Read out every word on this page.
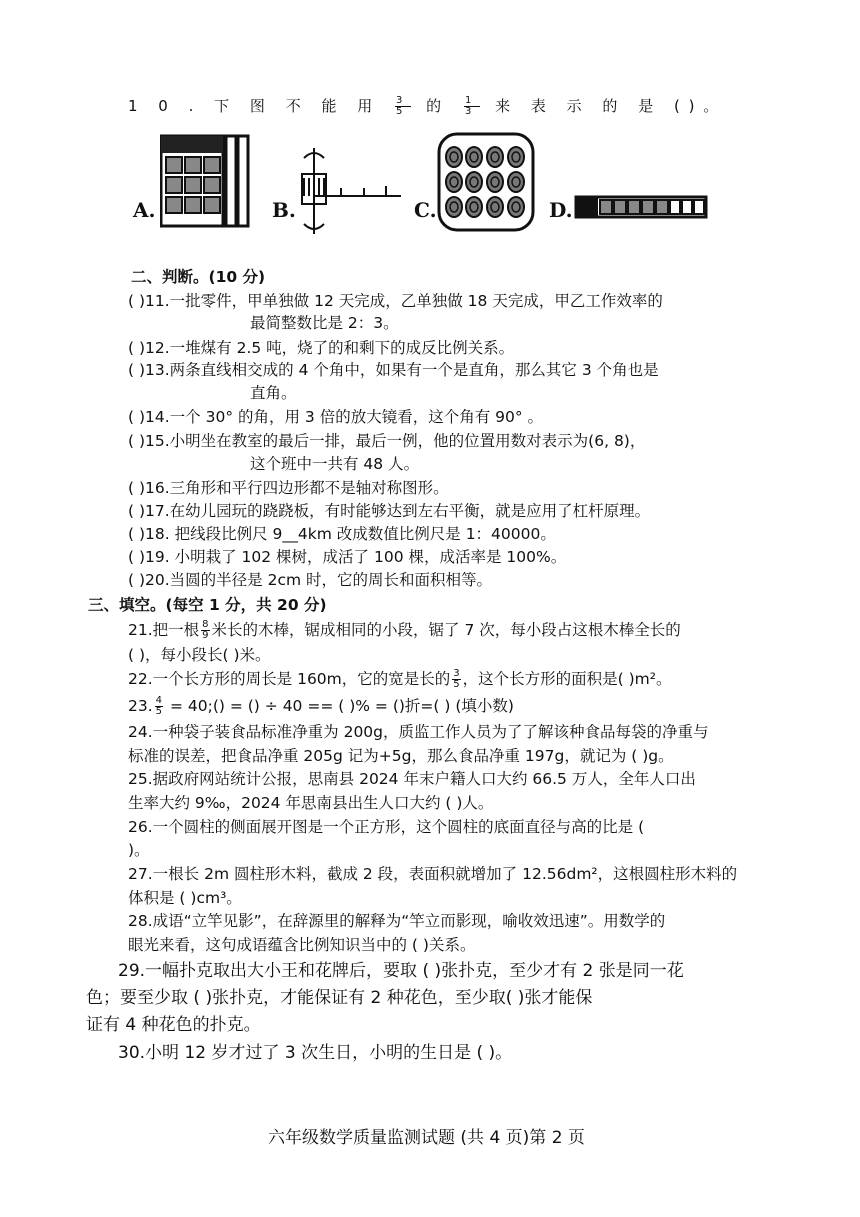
1 0 . 下 图 不 能 用 $\frac{3}{5}$ 的 $\frac{1}{3}$ 来 表 示 的 是 ( ) 。
A.	B.	C.	D.
二、判断。(10 分)
( )11.一批零件，甲单独做 12 天完成，乙单独做 18 天完成，甲乙工作效率的
最简整数比是 2：3。
( )12.一堆煤有 2.5 吨，烧了的和剩下的成反比例关系。
( )13.两条直线相交成的 4 个角中，如果有一个是直角，那么其它 3 个角也是
直角。
( )14.一个 30° 的角，用 3 倍的放大镜看，这个角有 90° 。
( )15.小明坐在教室的最后一排，最后一例，他的位置用数对表示为(6, 8)，
这个班中一共有 48 人。
( )16.三角形和平行四边形都不是轴对称图形。
( )17.在幼儿园玩的跷跷板，有时能够达到左右平衡，就是应用了杠杆原理。
( )18. 把线段比例尺 9__4km 改成数值比例尺是 1：40000。
( )19. 小明栽了 102 棵树，成活了 100 棵，成活率是 100%。
( )20.当圆的半径是 2cm 时，它的周长和面积相等。
三、填空。(每空 1 分，共 20 分)
21.把一根 $\frac{8}{9}$ 米长的木棒，锯成相同的小段，锯了 7 次，每小段占这根木棒全长的
( )，每小段长( )米。
22.一个长方形的周长是 160m，它的宽是长的 $\frac{3}{5}$ ，这个长方形的面积是( )m²。
23. $\frac{4}{5}$ = 40;() = () ÷ 40 == ( )% = ()折=( ) (填小数)
24.一种袋子装食品标准净重为 200g，质监工作人员为了了解该种食品每袋的净重与
标准的误差，把食品净重 205g 记为+5g，那么食品净重 197g，就记为 ( )g。
25.据政府网站统计公报，思南县 2024 年末户籍人口大约 66.5 万人，全年人口出
生率大约 9‰，2024 年思南县出生人口大约 ( )人。
26.一个圆柱的侧面展开图是一个正方形，这个圆柱的底面直径与高的比是 (
)。
27.一根长 2m 圆柱形木料，截成 2 段，表面积就增加了 12.56dm²，这根圆柱形木料的
体积是 ( )cm³。
28.成语“立竿见影”，在辞源里的解释为“竿立而影现，喻收效迅速”。用数学的
眼光来看，这句成语蕴含比例知识当中的 ( )关系。
29.一幅扑克取出大小王和花牌后，要取 ( )张扑克，至少才有 2 张是同一花
色；要至少取 ( )张扑克，才能保证有 2 种花色，至少取( )张才能保
证有 4 种花色的扑克。
30.小明 12 岁才过了 3 次生日，小明的生日是 ( )。
六年级数学质量监测试题 (共 4 页)第 2 页
